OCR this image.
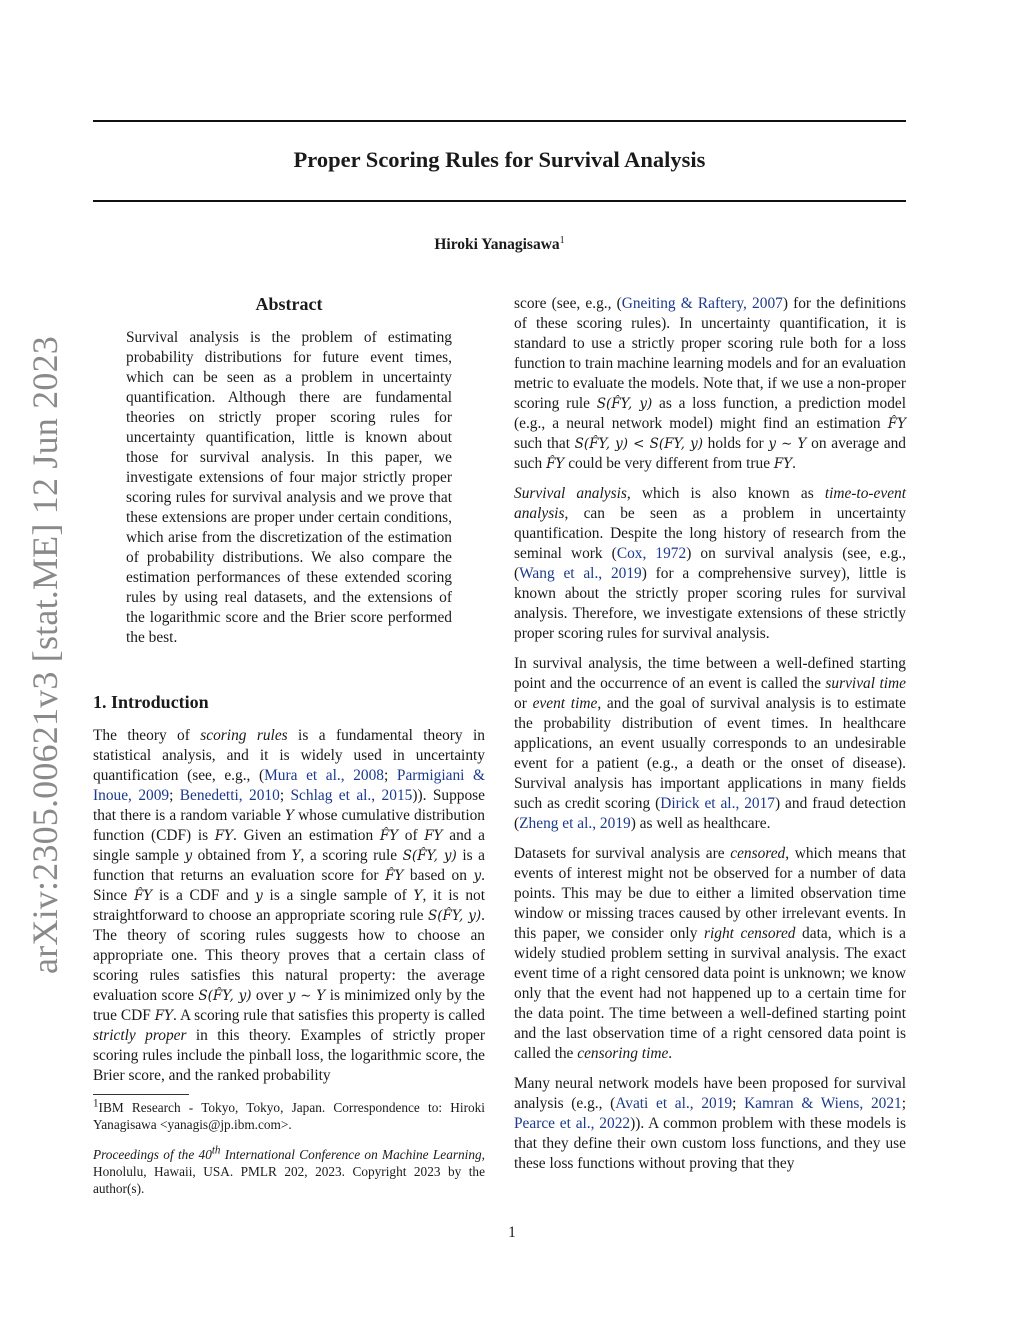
Proper Scoring Rules for Survival Analysis
Hiroki Yanagisawa$^1$
arXiv:2305.00621v3 [stat.ME] 12 Jun 2023
Abstract

Survival analysis is the problem of estimating probability distributions for future event times, which can be seen as a problem in uncertainty quantification. Although there are fundamental theories on strictly proper scoring rules for uncertainty quantification, little is known about those for survival analysis. In this paper, we investigate extensions of four major strictly proper scoring rules for survival analysis and we prove that these extensions are proper under certain conditions, which arise from the discretization of the estimation of probability distributions. We also compare the estimation performances of these extended scoring rules by using real datasets, and the extensions of the logarithmic score and the Brier score performed the best.

1. Introduction

The theory of scoring rules is a fundamental theory in statistical analysis, and it is widely used in uncertainty quantification (see, e.g., (Mura et al., 2008; Parmigiani & Inoue, 2009; Benedetti, 2010; Schlag et al., 2015)). Suppose that there is a random variable Y whose cumulative distribution function (CDF) is FY. Given an estimation F̂Y of FY and a single sample y obtained from Y, a scoring rule S(F̂Y, y) is a function that returns an evaluation score for F̂Y based on y. Since F̂Y is a CDF and y is a single sample of Y, it is not straightforward to choose an appropriate scoring rule S(F̂Y, y). The theory of scoring rules suggests how to choose an appropriate one. This theory proves that a certain class of scoring rules satisfies this natural property: the average evaluation score S(F̂Y, y) over y ∼ Y is minimized only by the true CDF FY. A scoring rule that satisfies this property is called strictly proper in this theory. Examples of strictly proper scoring rules include the pinball loss, the logarithmic score, the Brier score, and the ranked probability

$^1$IBM Research - Tokyo, Tokyo, Japan. Correspondence to: Hiroki Yanagisawa <yanagis@jp.ibm.com>.

Proceedings of the 40th International Conference on Machine Learning, Honolulu, Hawaii, USA. PMLR 202, 2023. Copyright 2023 by the author(s).

score (see, e.g., (Gneiting & Raftery, 2007) for the definitions of these scoring rules). In uncertainty quantification, it is standard to use a strictly proper scoring rule both for a loss function to train machine learning models and for an evaluation metric to evaluate the models. Note that, if we use a non-proper scoring rule S(F̂Y, y) as a loss function, a prediction model (e.g., a neural network model) might find an estimation F̂Y such that S(F̂Y, y) < S(FY, y) holds for y ∼ Y on average and such F̂Y could be very different from true FY.

Survival analysis, which is also known as time-to-event analysis, can be seen as a problem in uncertainty quantification. Despite the long history of research from the seminal work (Cox, 1972) on survival analysis (see, e.g., (Wang et al., 2019) for a comprehensive survey), little is known about the strictly proper scoring rules for survival analysis. Therefore, we investigate extensions of these strictly proper scoring rules for survival analysis.

In survival analysis, the time between a well-defined starting point and the occurrence of an event is called the survival time or event time, and the goal of survival analysis is to estimate the probability distribution of event times. In healthcare applications, an event usually corresponds to an undesirable event for a patient (e.g., a death or the onset of disease). Survival analysis has important applications in many fields such as credit scoring (Dirick et al., 2017) and fraud detection (Zheng et al., 2019) as well as healthcare.

Datasets for survival analysis are censored, which means that events of interest might not be observed for a number of data points. This may be due to either a limited observation time window or missing traces caused by other irrelevant events. In this paper, we consider only right censored data, which is a widely studied problem setting in survival analysis. The exact event time of a right censored data point is unknown; we know only that the event had not happened up to a certain time for the data point. The time between a well-defined starting point and the last observation time of a right censored data point is called the censoring time.

Many neural network models have been proposed for survival analysis (e.g., (Avati et al., 2019; Kamran & Wiens, 2021; Pearce et al., 2022)). A common problem with these models is that they define their own custom loss functions, and they use these loss functions without proving that they

1
